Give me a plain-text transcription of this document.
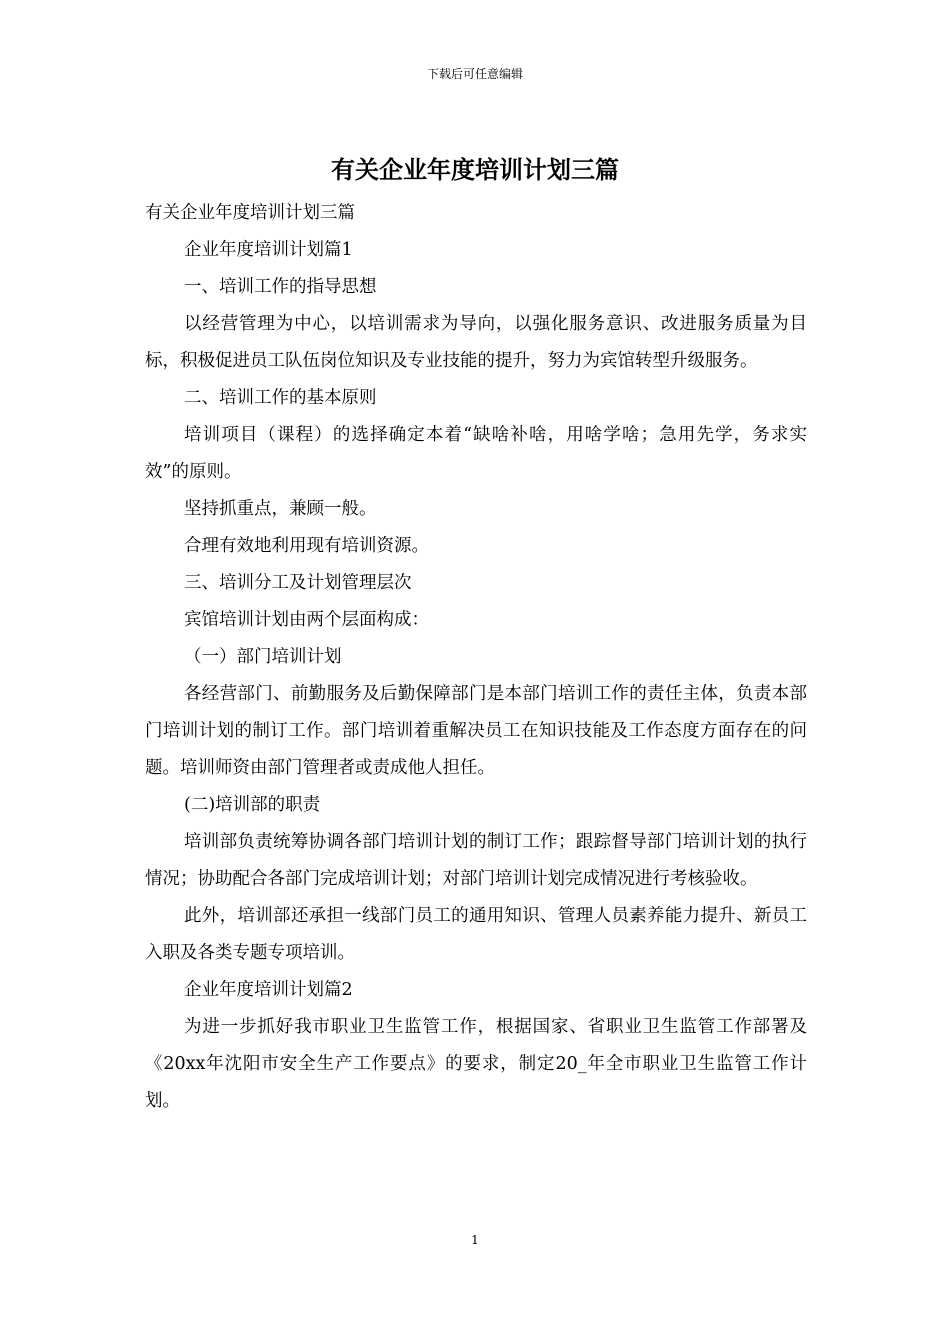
下载后可任意编辑
有关企业年度培训计划三篇

有关企业年度培训计划三篇

企业年度培训计划篇1

一、培训工作的指导思想

以经营管理为中心，以培训需求为导向，以强化服务意识、改进服务质量为目标，积极促进员工队伍岗位知识及专业技能的提升，努力为宾馆转型升级服务。

二、培训工作的基本原则

培训项目（课程）的选择确定本着“缺啥补啥，用啥学啥；急用先学，务求实效”的原则。

坚持抓重点，兼顾一般。

合理有效地利用现有培训资源。

三、培训分工及计划管理层次

宾馆培训计划由两个层面构成：

（一）部门培训计划

各经营部门、前勤服务及后勤保障部门是本部门培训工作的责任主体，负责本部门培训计划的制订工作。部门培训着重解决员工在知识技能及工作态度方面存在的问题。培训师资由部门管理者或责成他人担任。

(二)培训部的职责

培训部负责统筹协调各部门培训计划的制订工作；跟踪督导部门培训计划的执行情况；协助配合各部门完成培训计划；对部门培训计划完成情况进行考核验收。

此外，培训部还承担一线部门员工的通用知识、管理人员素养能力提升、新员工入职及各类专题专项培训。

企业年度培训计划篇2

为进一步抓好我市职业卫生监管工作，根据国家、省职业卫生监管工作部署及《20xx年沈阳市安全生产工作要点》的要求，制定20_年全市职业卫生监管工作计划。

1
